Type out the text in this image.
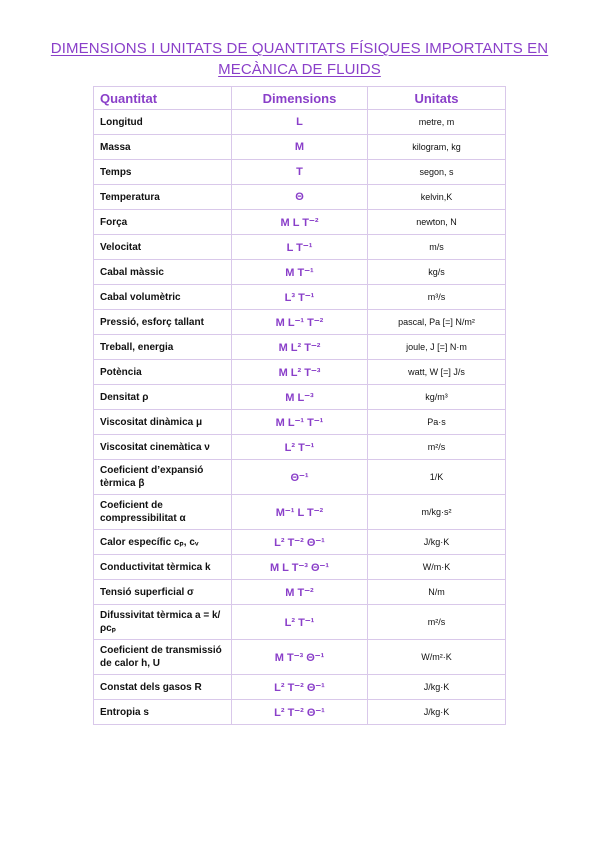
DIMENSIONS I UNITATS DE QUANTITATS FÍSIQUES IMPORTANTS EN
MECÀNICA DE FLUIDS
Quantitat	Dimensions	Unitats
Longitud	L	metre, m
Massa	M	kilogram, kg
Temps	T	segon, s
Temperatura	Θ	kelvin,K
Força	M L T⁻²	newton, N
Velocitat	L T⁻¹	m/s
Cabal màssic	M T⁻¹	kg/s
Cabal volumètric	L³ T⁻¹	m³/s
Pressió, esforç tallant	M L⁻¹ T⁻²	pascal, Pa [=] N/m²
Treball, energia	M L² T⁻²	joule, J [=] N·m
Potència	M L² T⁻³	watt, W [=] J/s
Densitat ρ	M L⁻³	kg/m³
Viscositat dinàmica μ	M L⁻¹ T⁻¹	Pa·s
Viscositat cinemàtica ν	L² T⁻¹	m²/s
Coeficient d’expansió tèrmica β	Θ⁻¹	1/K
Coeficient de compressibilitat α	M⁻¹ L T⁻²	m/kg·s²
Calor específic cₚ, cᵥ	L² T⁻² Θ⁻¹	J/kg·K
Conductivitat tèrmica k	M L T⁻³ Θ⁻¹	W/m·K
Tensió superficial σ	M T⁻²	N/m
Difussivitat tèrmica a = k/ρcₚ	L² T⁻¹	m²/s
Coeficient de transmissió de calor h, U	M T⁻³ Θ⁻¹	W/m²·K
Constat dels gasos R	L² T⁻² Θ⁻¹	J/kg·K
Entropia s	L² T⁻² Θ⁻¹	J/kg·K
